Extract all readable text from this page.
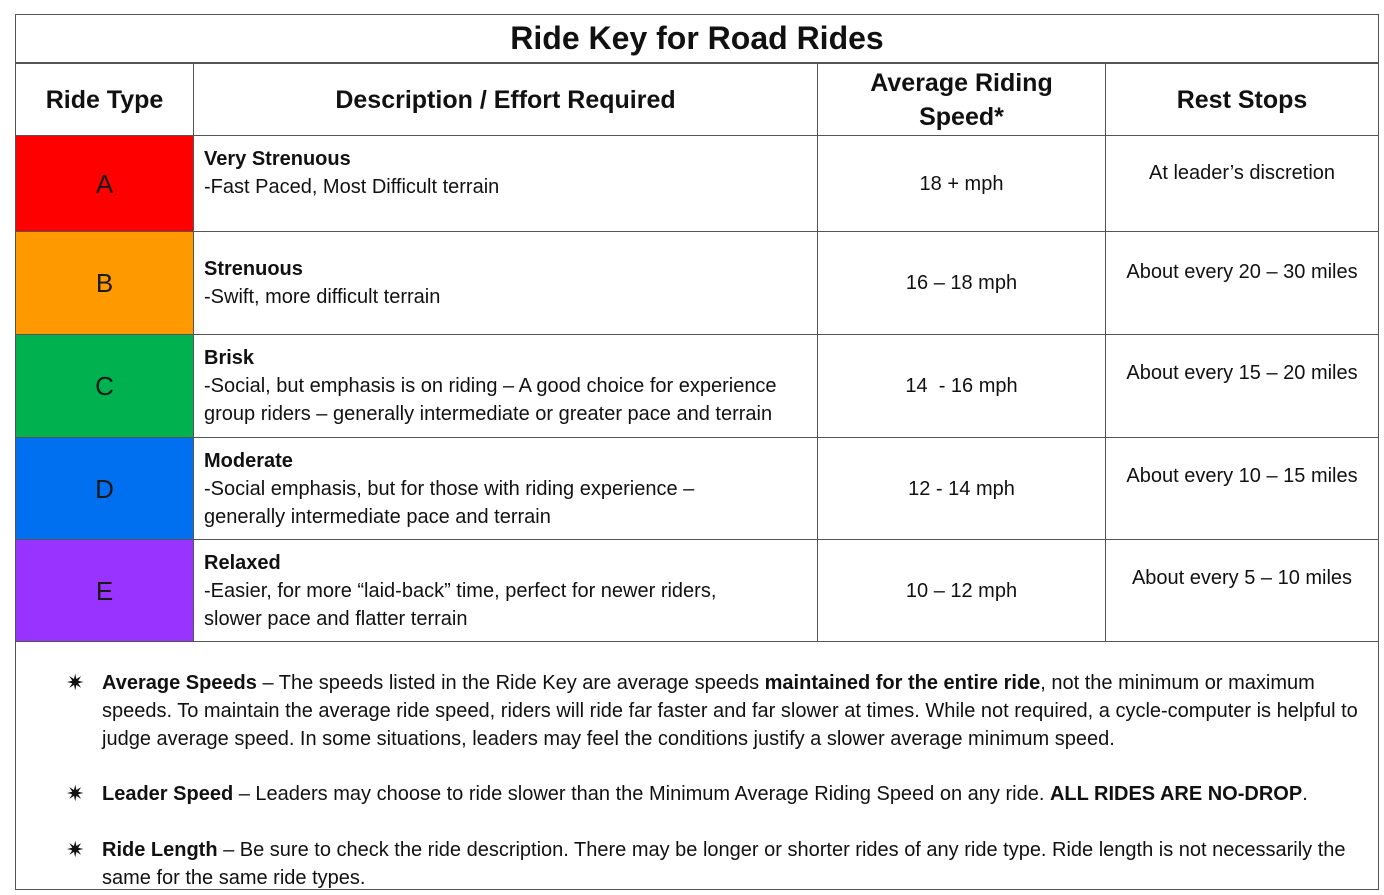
Ride Key for Road Rides
Ride Type	Description / Effort Required	Average Riding Speed*	Rest Stops
A	Very Strenuous
-Fast Paced, Most Difficult terrain	18 + mph	At leader’s discretion
B	Strenuous
-Swift, more difficult terrain	16 – 18 mph	About every 20 – 30 miles
C	Brisk
-Social, but emphasis is on riding – A good choice for experience
group riders – generally intermediate or greater pace and terrain	14  - 16 mph	About every 15 – 20 miles
D	Moderate
-Social emphasis, but for those with riding experience –
generally intermediate pace and terrain	12 - 14 mph	About every 10 – 15 miles
E	Relaxed
-Easier, for more “laid-back” time, perfect for newer riders,
slower pace and flatter terrain	10 – 12 mph	About every 5 – 10 miles
✷ Average Speeds – The speeds listed in the Ride Key are average speeds maintained for the entire ride, not the minimum or maximum speeds. To maintain the average ride speed, riders will ride far faster and far slower at times. While not required, a cycle-computer is helpful to judge average speed. In some situations, leaders may feel the conditions justify a slower average minimum speed.
✷ Leader Speed – Leaders may choose to ride slower than the Minimum Average Riding Speed on any ride. ALL RIDES ARE NO-DROP.
✷ Ride Length – Be sure to check the ride description. There may be longer or shorter rides of any ride type. Ride length is not necessarily the same for the same ride types.
